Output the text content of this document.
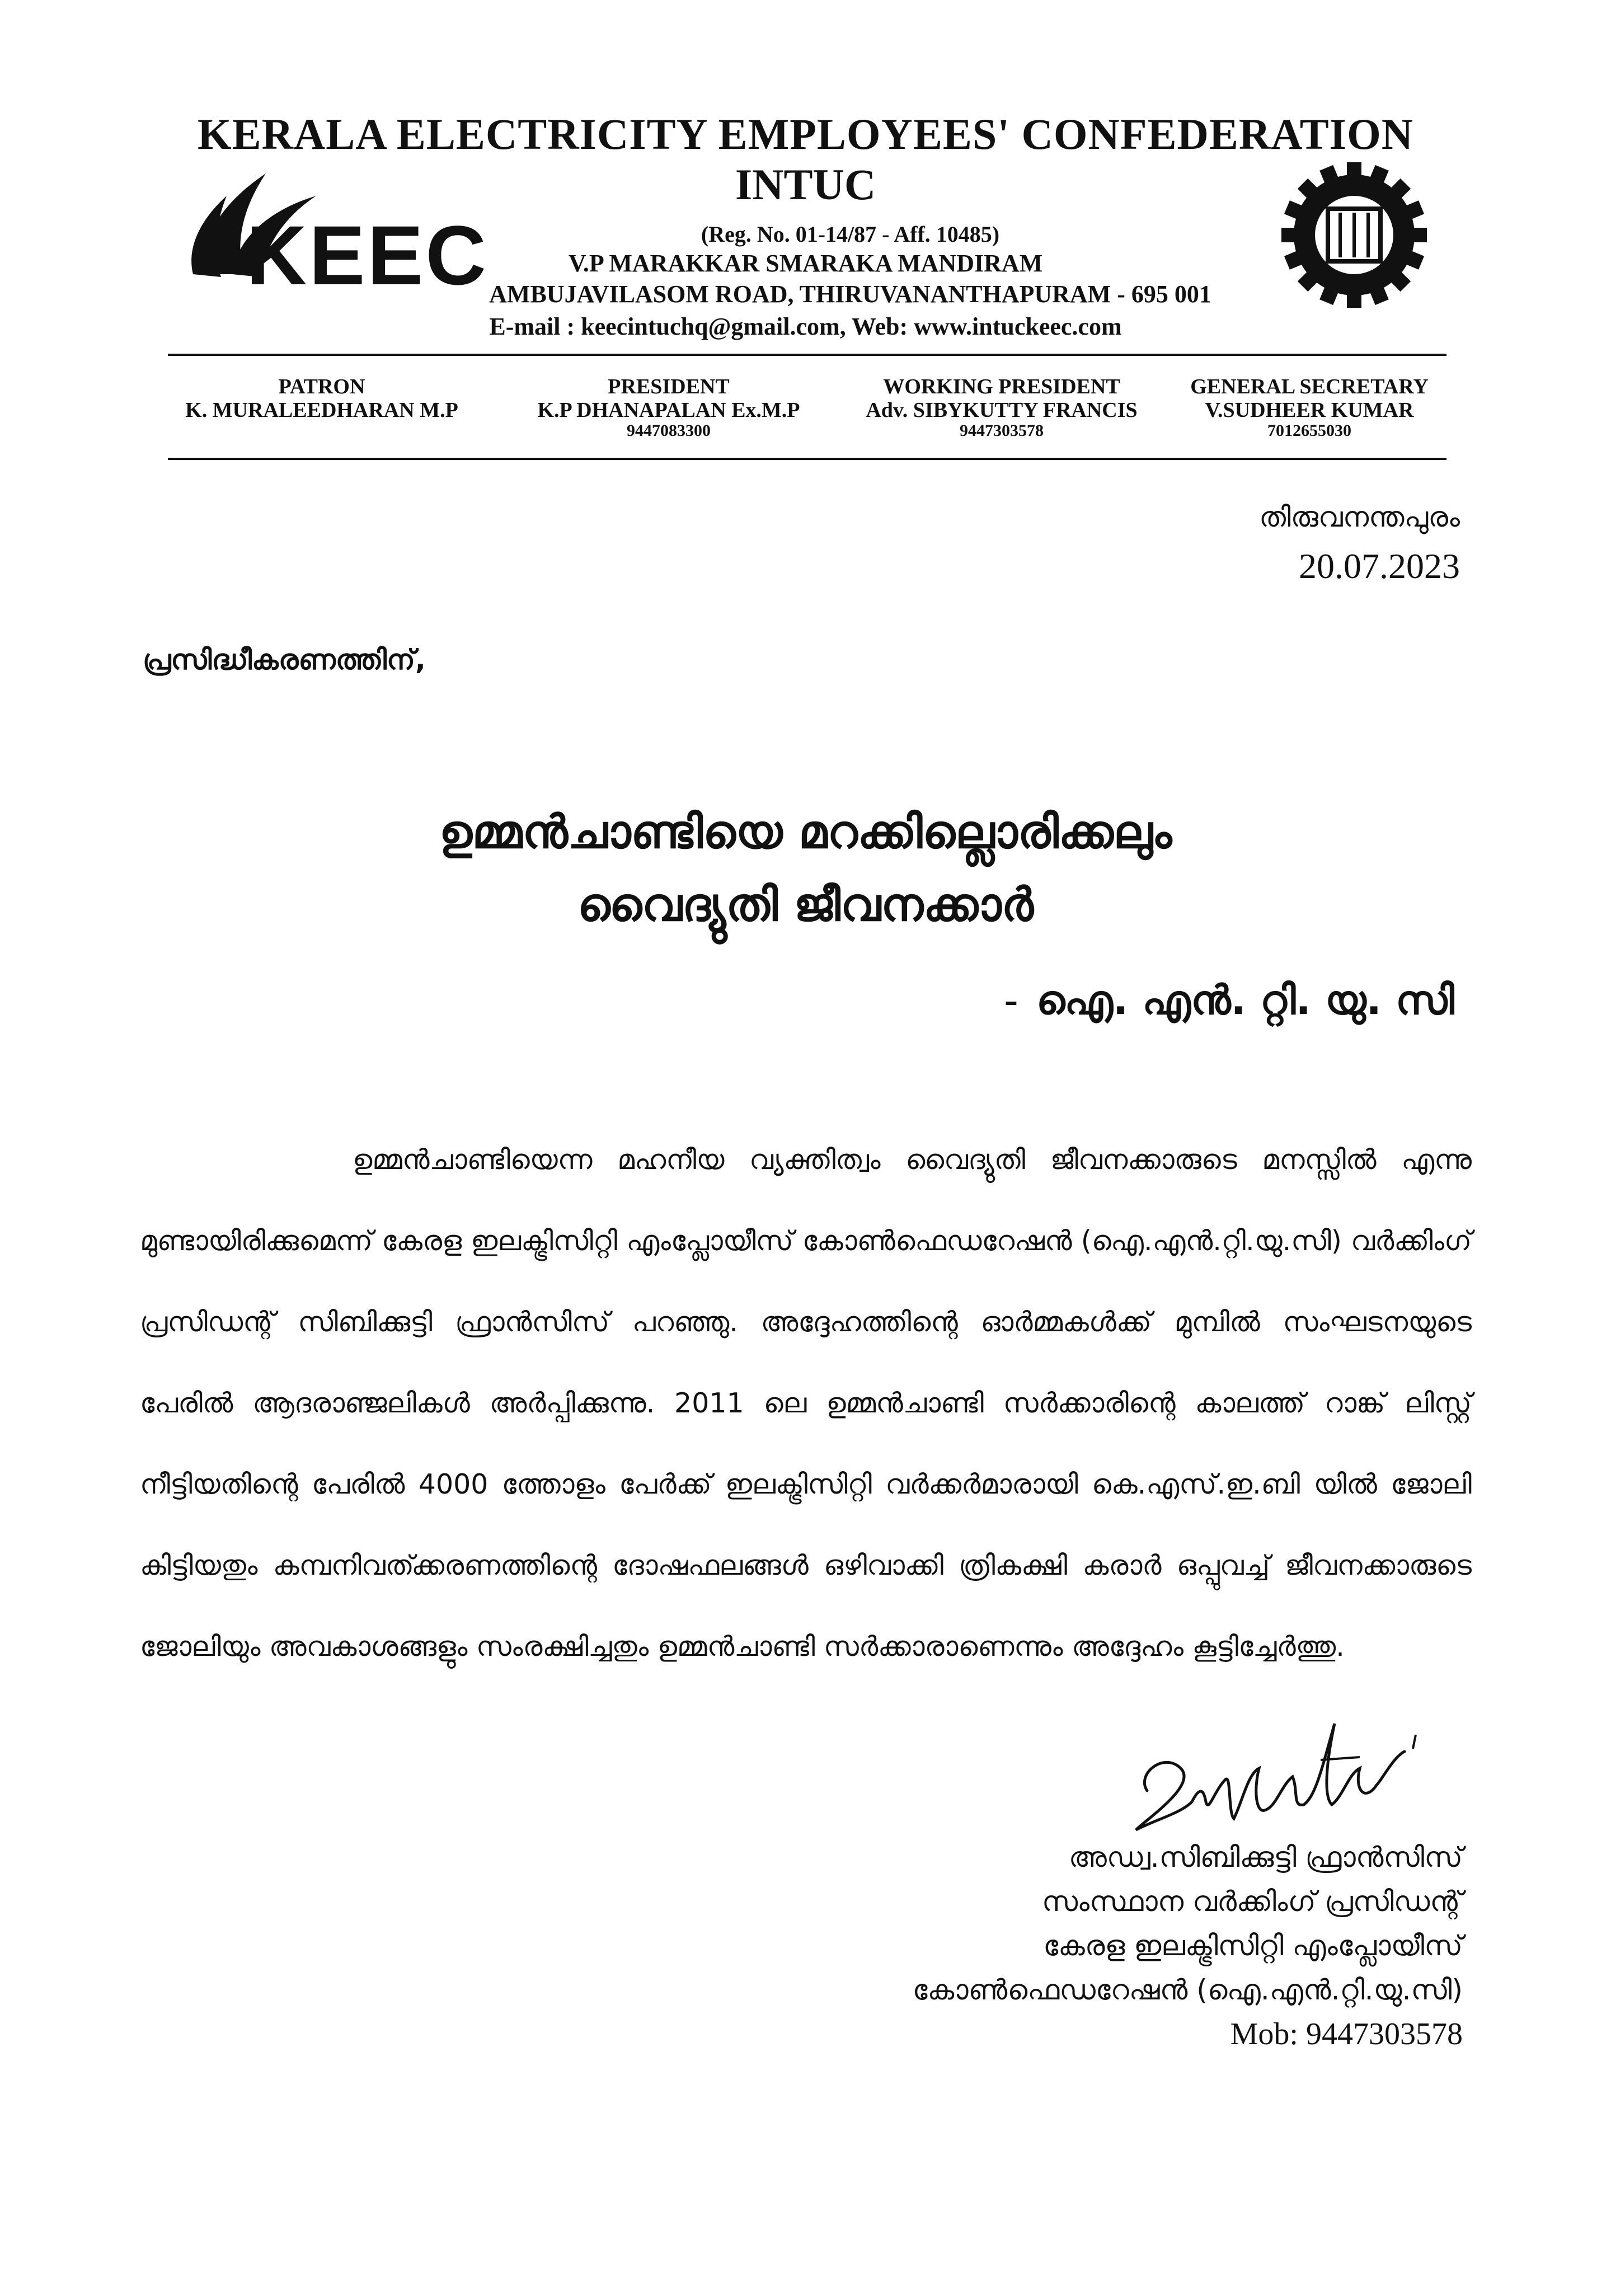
KERALA ELECTRICITY EMPLOYEES' CONFEDERATION
INTUC
KEEC	(Reg. No. 01-14/87 - Aff. 10485)
V.P MARAKKAR SMARAKA MANDIRAM
AMBUJAVILASOM ROAD, THIRUVANANTHAPURAM - 695 001
E-mail : keecintuchq@gmail.com, Web: www.intuckeec.com
PATRON
K. MURALEEDHARAN M.P
PRESIDENT
K.P DHANAPALAN Ex.M.P
9447083300
WORKING PRESIDENT
Adv. SIBYKUTTY FRANCIS
9447303578
GENERAL SECRETARY
V.SUDHEER KUMAR
7012655030
തിരുവനന്തപുരം
20.07.2023
പ്രസിദ്ധീകരണത്തിന്,
ഉമ്മൻചാണ്ടിയെ മറക്കില്ലൊരിക്കലും
വൈദ്യുതി ജീവനക്കാർ
- ഐ. എൻ. റ്റി. യു. സി
ഉമ്മൻചാണ്ടിയെന്ന മഹനീയ വ്യക്തിത്വം വൈദ്യുതി ജീവനക്കാരുടെ മനസ്സിൽ എന്നു മുണ്ടായിരിക്കുമെന്ന് കേരള ഇലക്ട്രിസിറ്റി എംപ്ലോയീസ് കോൺഫെഡറേഷൻ (ഐ.എൻ.റ്റി.യു.സി) വർക്കിംഗ് പ്രസിഡന്റ് സിബിക്കുട്ടി ഫ്രാൻസിസ് പറഞ്ഞു. അദ്ദേഹത്തിന്റെ ഓർമ്മകൾക്ക് മുമ്പിൽ സംഘടനയുടെ പേരിൽ ആദരാഞ്ജലികൾ അർപ്പിക്കുന്നു. 2011 ലെ ഉമ്മൻചാണ്ടി സർക്കാരിന്റെ കാലത്ത് റാങ്ക് ലിസ്റ്റ് നീട്ടിയതിന്റെ പേരിൽ 4000 ത്തോളം പേർക്ക് ഇലക്ട്രിസിറ്റി വർക്കർമാരായി കെ.എസ്.ഇ.ബി യിൽ ജോലി കിട്ടിയതും കമ്പനിവത്ക്കരണത്തിന്റെ ദോഷഫലങ്ങൾ ഒഴിവാക്കി ത്രികക്ഷി കരാർ ഒപ്പുവച്ച് ജീവനക്കാരുടെ ജോലിയും അവകാശങ്ങളും സംരക്ഷിച്ചതും ഉമ്മൻചാണ്ടി സർക്കാരാണെന്നും അദ്ദേഹം കൂട്ടിച്ചേർത്തു.
അഡ്വ.സിബിക്കുട്ടി ഫ്രാൻസിസ്
സംസ്ഥാന വർക്കിംഗ് പ്രസിഡന്റ്
കേരള ഇലക്ട്രിസിറ്റി എംപ്ലോയീസ്
കോൺഫെഡറേഷൻ (ഐ.എൻ.റ്റി.യു.സി)
Mob: 9447303578
